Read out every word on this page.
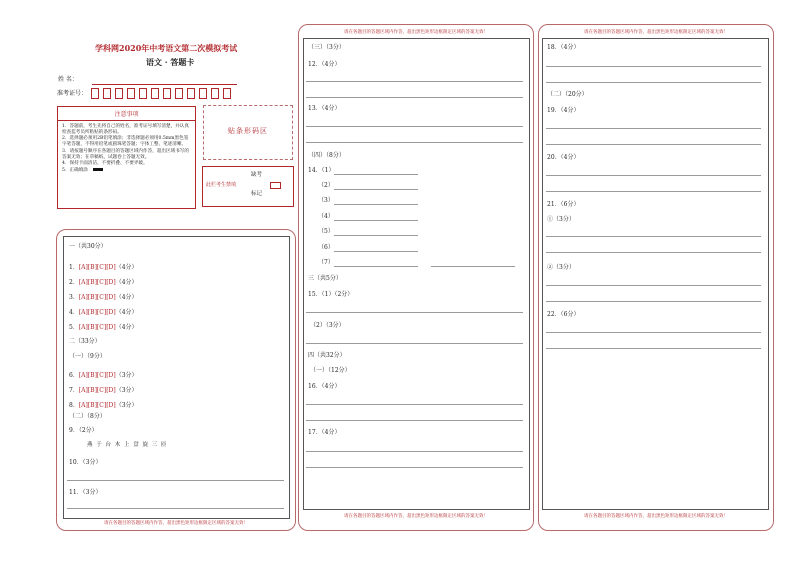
学科网2020年中考语文第二次模拟考试
语文 · 答题卡
姓 名：
准考证号：
注意事项
1．答题前，考生先将自己的姓名，准考证号填写清楚，并认真检查监考员所粘贴的条形码。
2．选择题必须用2B铅笔填涂；非选择题必须用0.5mm黑色签字笔答题，不得用铅笔或圆珠笔答题；字体工整、笔迹清晰。
3．请按题号顺序在各题目的答题区域内作答，超出区域书写的答案无效；在草稿纸、试题卷上答题无效。
4．保持卡面清洁，不要折叠、不要弄破。
5．正确填涂
贴条形码区
此栏考生禁填
缺考
标记
请在各题目的答题区域内作答，超出黑色矩形边框限定区域的答案无效！
一（共30分）
1．[A][B][C][D]（4分）
2．[A][B][C][D]（4分）
3．[A][B][C][D]（4分）
4．[A][B][C][D]（4分）
5．[A][B][C][D]（4分）
二（33分）
（一）（9分）
6．[A][B][C][D]（3分）
7．[A][B][C][D]（3分）
8．[A][B][C][D]（3分）
（二）（8分）
9．（2分）
燕 于 台 木 上 盘 旋 三 匝
10．（3分）
11．（3分）
请在各题目的答题区域内作答，超出黑色矩形边框限定区域的答案无效！
请在各题目的答题区域内作答，超出黑色矩形边框限定区域的答案无效！
（三）（3分）
12．（4分）
13．（4分）
（四）（8分）
14．（1）
（2）
（3）
（4）
（5）
（6）
（7）
三（共5分）
15．（1）（2分）
（2）（3分）
四（共32分）
（一）（12分）
16．（4分）
17．（4分）
请在各题目的答题区域内作答，超出黑色矩形边框限定区域的答案无效！
请在各题目的答题区域内作答，超出黑色矩形边框限定区域的答案无效！
18．（4分）
（二）（20分）
19．（4分）
20．（4分）
21．（6分）
①（3分）
②（3分）
22．（6分）
